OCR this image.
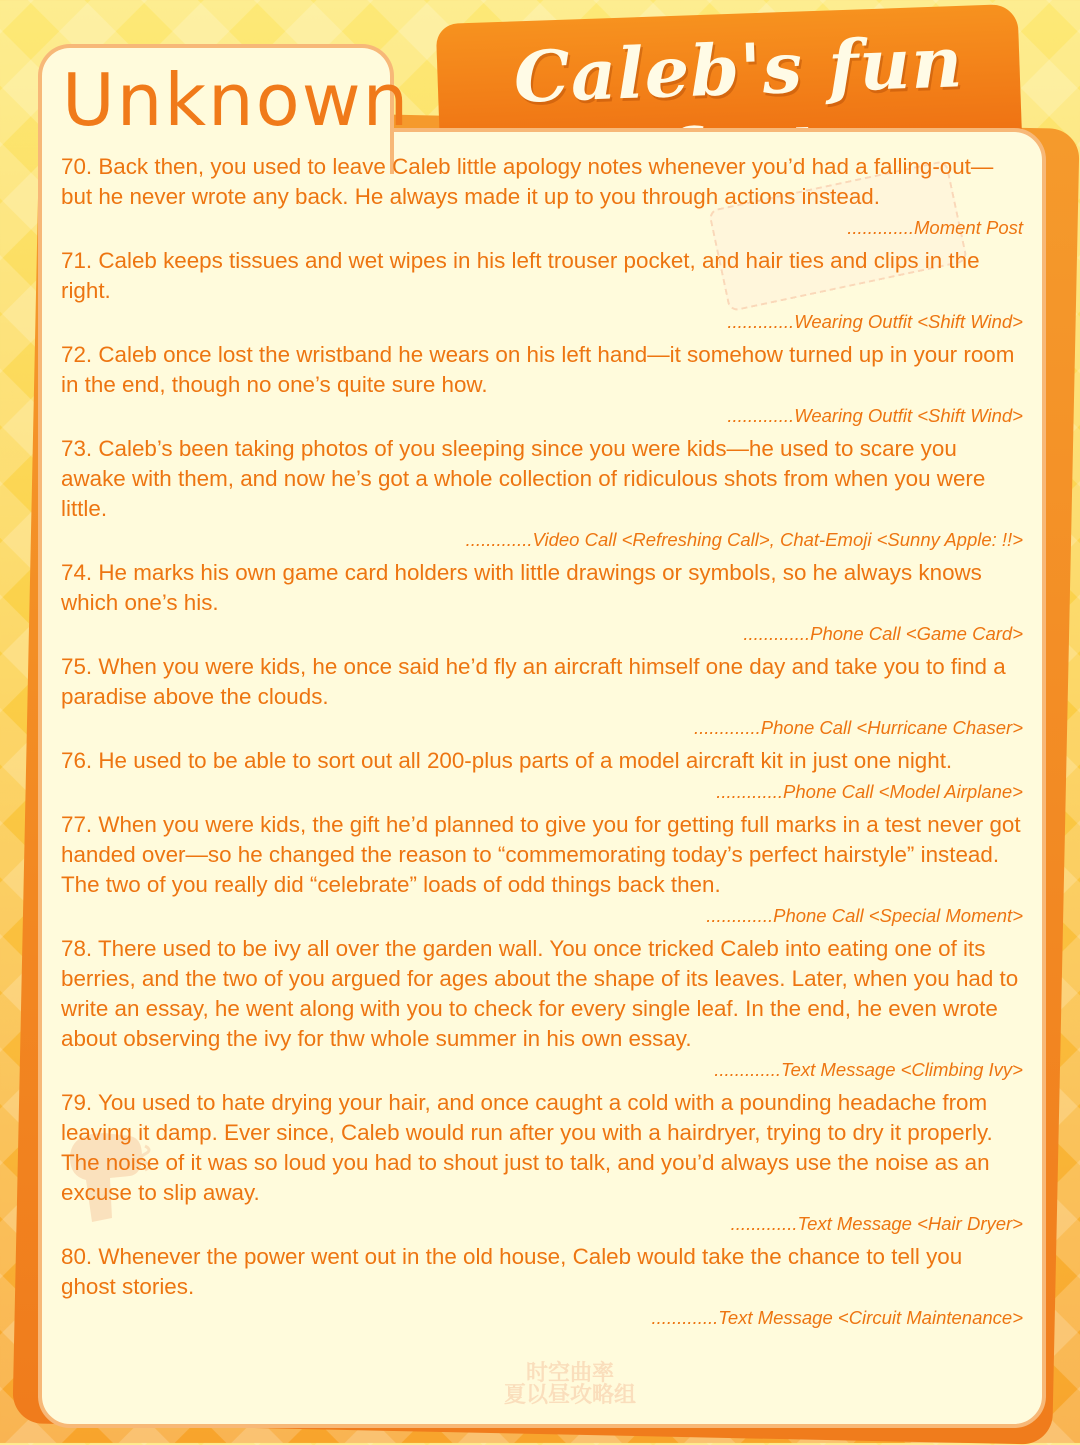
Caleb's fun
Unknown

70. Back then, you used to leave Caleb little apology notes whenever you’d had a falling-out—but he never wrote any back. He always made it up to you through actions instead.

.............Moment Post

71. Caleb keeps tissues and wet wipes in his left trouser pocket, and hair ties and clips in the right.

.............Wearing Outfit <Shift Wind>

72. Caleb once lost the wristband he wears on his left hand—it somehow turned up in your room in the end, though no one’s quite sure how.

.............Wearing Outfit <Shift Wind>

73. Caleb’s been taking photos of you sleeping since you were kids—he used to scare you awake with them, and now he’s got a whole collection of ridiculous shots from when you were little.

.............Video Call <Refreshing Call>, Chat-Emoji <Sunny Apple: !!>

74. He marks his own game card holders with little drawings or symbols, so he always knows which one’s his.

.............Phone Call <Game Card>

75. When you were kids, he once said he’d fly an aircraft himself one day and take you to find a paradise above the clouds.

.............Phone Call <Hurricane Chaser>

76. He used to be able to sort out all 200-plus parts of a model aircraft kit in just one night.

.............Phone Call <Model Airplane>

77. When you were kids, the gift he’d planned to give you for getting full marks in a test never got handed over—so he changed the reason to “commemorating today’s perfect hairstyle” instead. The two of you really did “celebrate” loads of odd things back then.

.............Phone Call <Special Moment>

78. There used to be ivy all over the garden wall. You once tricked Caleb into eating one of its berries, and the two of you argued for ages about the shape of its leaves. Later, when you had to write an essay, he went along with you to check for every single leaf. In the end, he even wrote about observing the ivy for thw whole summer in his own essay.

.............Text Message <Climbing Ivy>

79. You used to hate drying your hair, and once caught a cold with a pounding headache from leaving it damp. Ever since, Caleb would run after you with a hairdryer, trying to dry it properly. The noise of it was so loud you had to shout just to talk, and you’d always use the noise as an excuse to slip away.

.............Text Message <Hair Dryer>

80. Whenever the power went out in the old house, Caleb would take the chance to tell you ghost stories.

.............Text Message <Circuit Maintenance>
时空曲率
夏以昼攻略组
